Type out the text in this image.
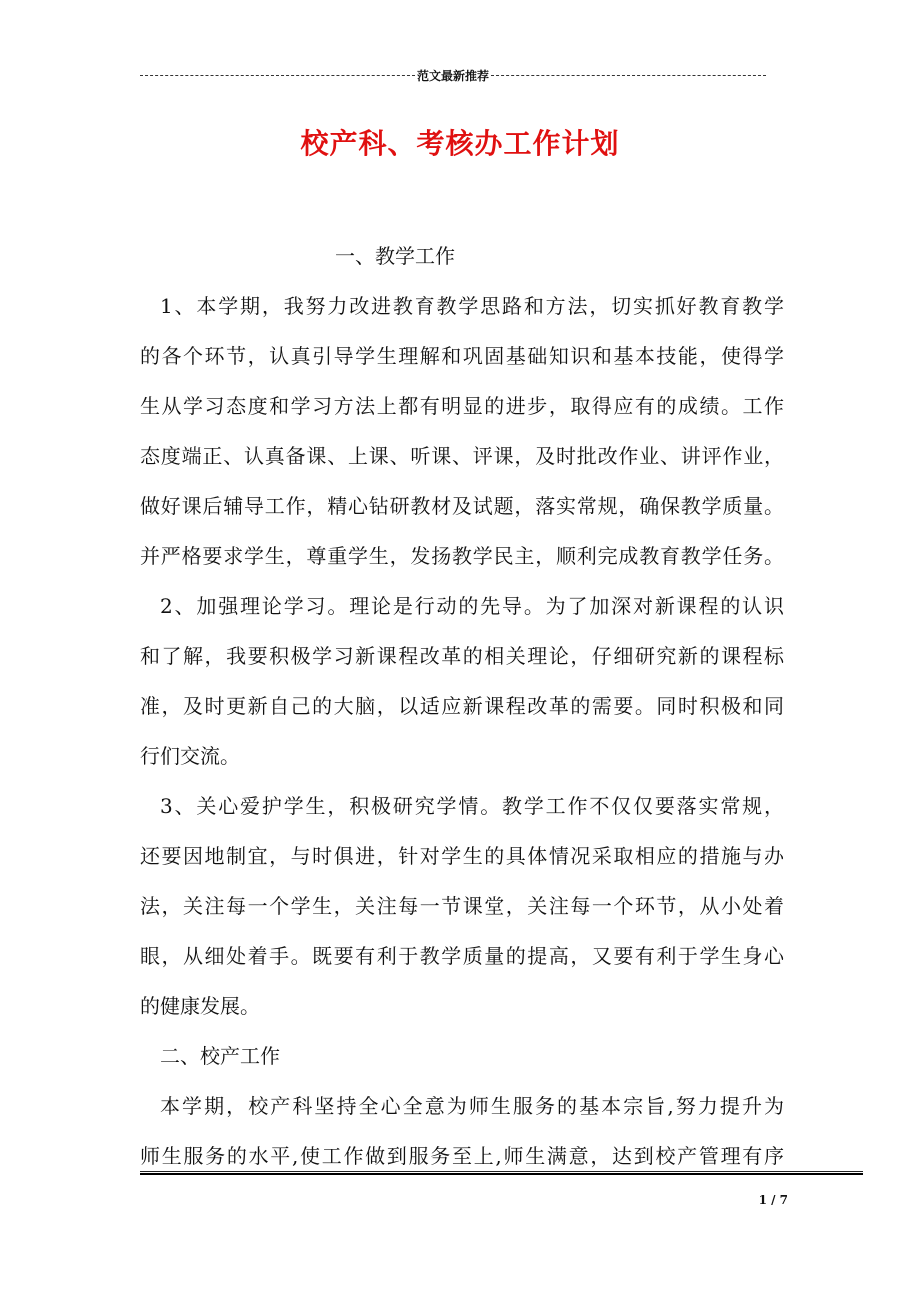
范文最新推荐
校产科、考核办工作计划
一、教学工作
1、本学期，我努力改进教育教学思路和方法，切实抓好教育教学
的各个环节，认真引导学生理解和巩固基础知识和基本技能，使得学
生从学习态度和学习方法上都有明显的进步，取得应有的成绩。工作
态度端正、认真备课、上课、听课、评课，及时批改作业、讲评作业，
做好课后辅导工作，精心钻研教材及试题，落实常规，确保教学质量。
并严格要求学生，尊重学生，发扬教学民主，顺利完成教育教学任务。
2、加强理论学习。理论是行动的先导。为了加深对新课程的认识
和了解，我要积极学习新课程改革的相关理论，仔细研究新的课程标
准，及时更新自己的大脑，以适应新课程改革的需要。同时积极和同
行们交流。
3、关心爱护学生，积极研究学情。教学工作不仅仅要落实常规，
还要因地制宜，与时俱进，针对学生的具体情况采取相应的措施与办
法，关注每一个学生，关注每一节课堂，关注每一个环节，从小处着
眼，从细处着手。既要有利于教学质量的提高，又要有利于学生身心
的健康发展。
二、校产工作
本学期，校产科坚持全心全意为师生服务的基本宗旨,努力提升为
师生服务的水平,使工作做到服务至上,师生满意，达到校产管理有序
1 / 7
